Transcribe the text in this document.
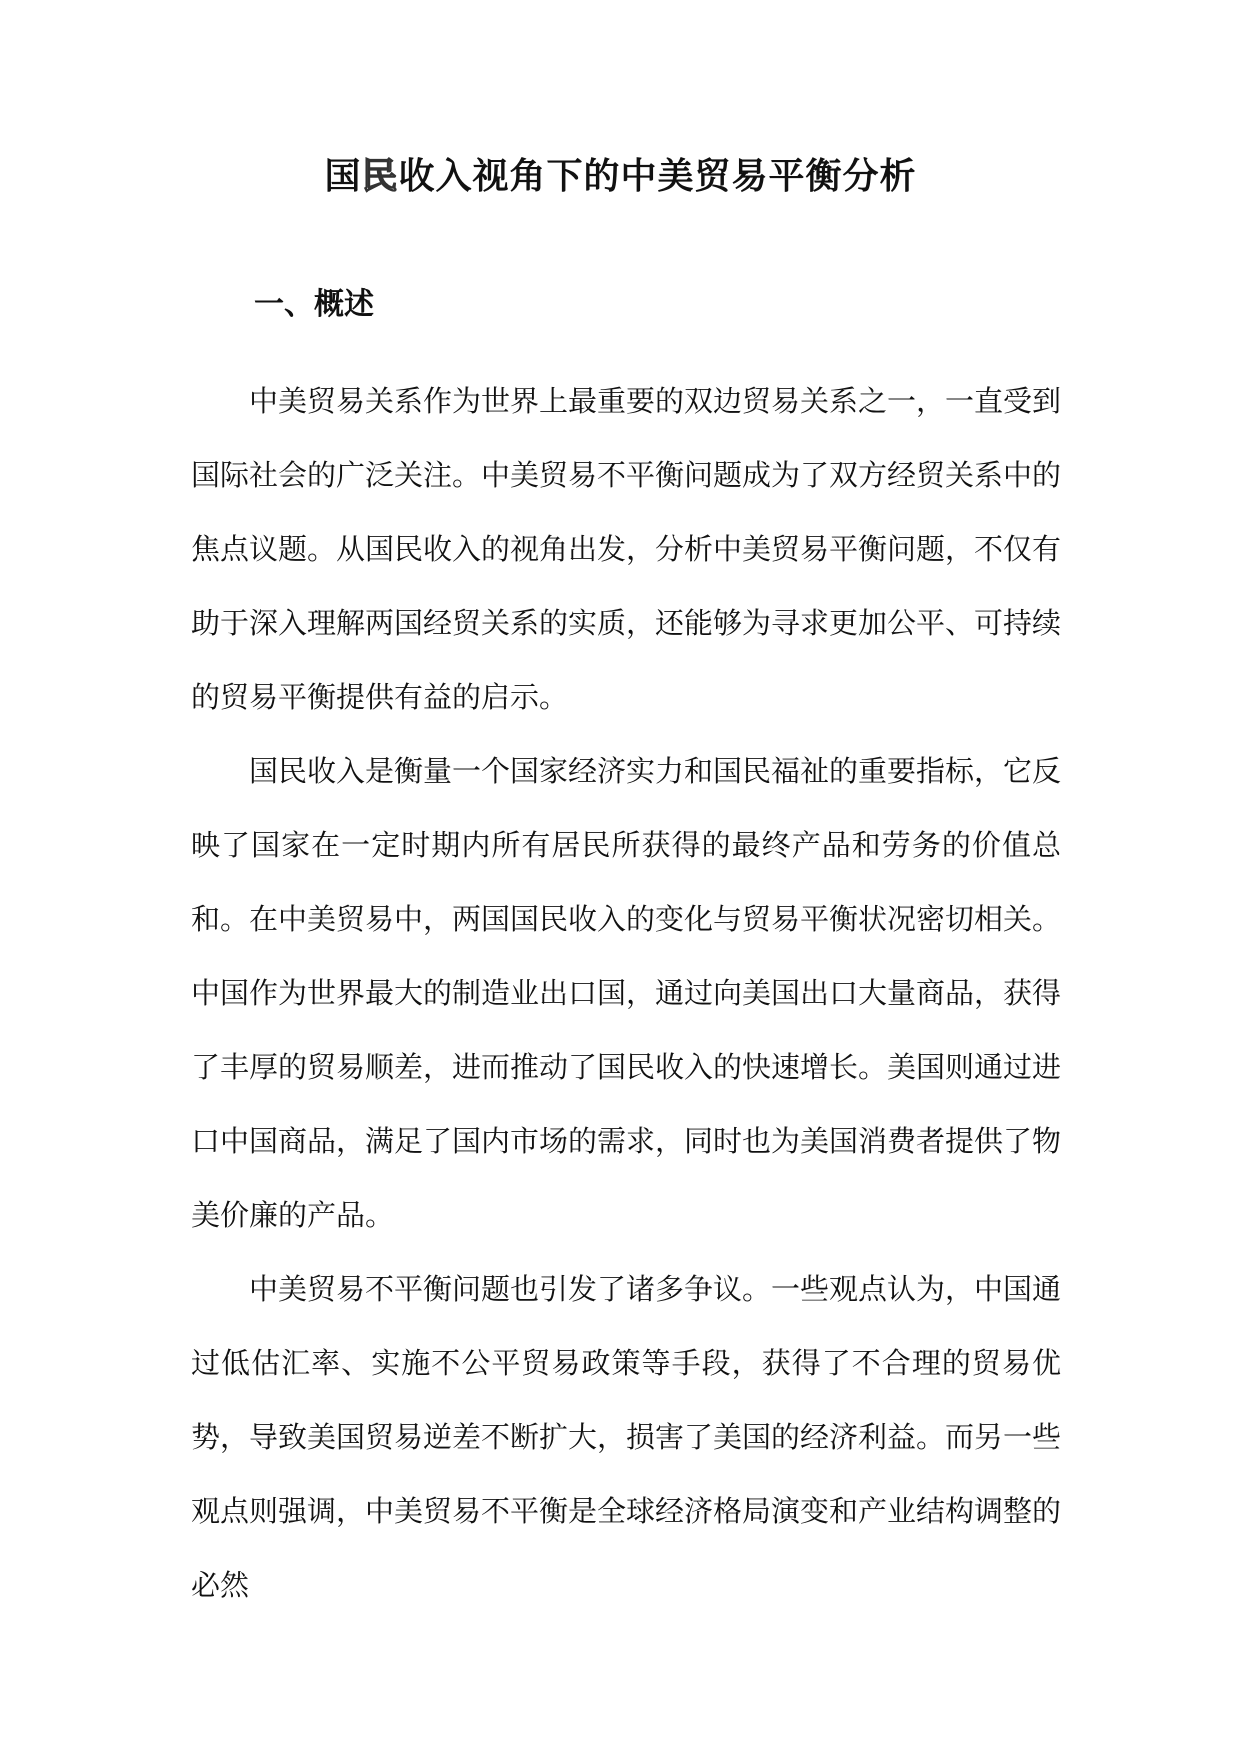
国民收入视角下的中美贸易平衡分析
一、概述

中美贸易关系作为世界上最重要的双边贸易关系之一，一直受到国际社会的广泛关注。中美贸易不平衡问题成为了双方经贸关系中的焦点议题。从国民收入的视角出发，分析中美贸易平衡问题，不仅有助于深入理解两国经贸关系的实质，还能够为寻求更加公平、可持续的贸易平衡提供有益的启示。

国民收入是衡量一个国家经济实力和国民福祉的重要指标，它反映了国家在一定时期内所有居民所获得的最终产品和劳务的价值总和。在中美贸易中，两国国民收入的变化与贸易平衡状况密切相关。中国作为世界最大的制造业出口国，通过向美国出口大量商品，获得了丰厚的贸易顺差，进而推动了国民收入的快速增长。美国则通过进口中国商品，满足了国内市场的需求，同时也为美国消费者提供了物美价廉的产品。

中美贸易不平衡问题也引发了诸多争议。一些观点认为，中国通过低估汇率、实施不公平贸易政策等手段，获得了不合理的贸易优势，导致美国贸易逆差不断扩大，损害了美国的经济利益。而另一些观点则强调，中美贸易不平衡是全球经济格局演变和产业结构调整的必然
